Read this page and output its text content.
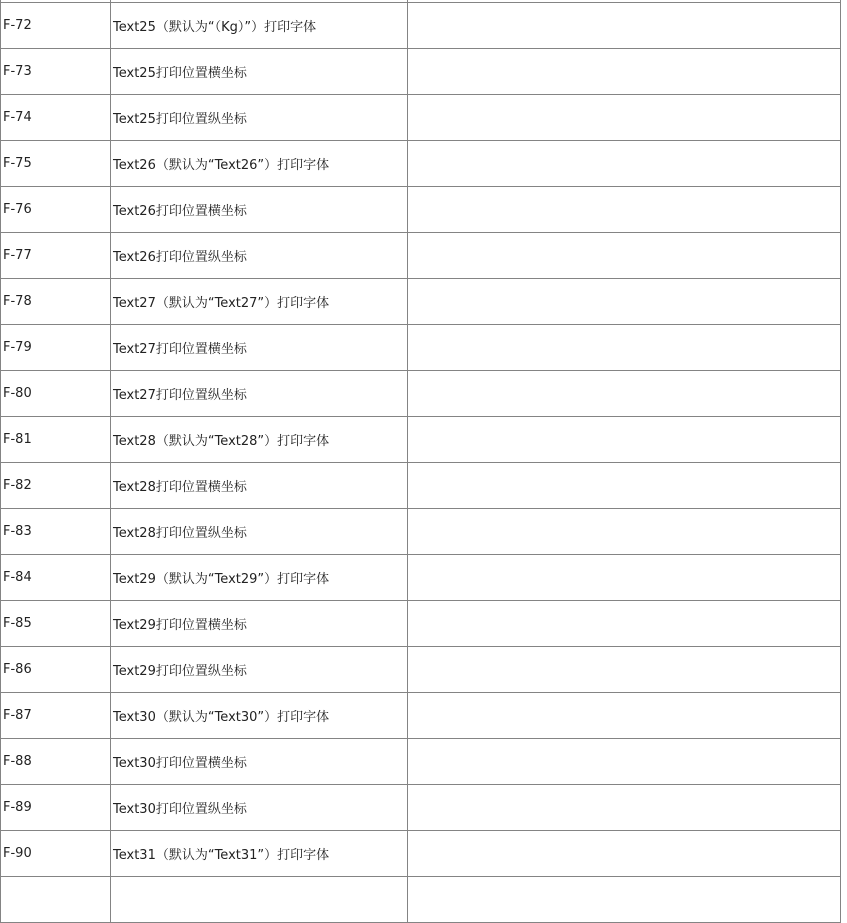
F-72	Text25（默认为“（Kg）”）打印字体	
F-73	Text25打印位置横坐标	
F-74	Text25打印位置纵坐标	
F-75	Text26（默认为“Text26”）打印字体	
F-76	Text26打印位置横坐标	
F-77	Text26打印位置纵坐标	
F-78	Text27（默认为“Text27”）打印字体	
F-79	Text27打印位置横坐标	
F-80	Text27打印位置纵坐标	
F-81	Text28（默认为“Text28”）打印字体	
F-82	Text28打印位置横坐标	
F-83	Text28打印位置纵坐标	
F-84	Text29（默认为“Text29”）打印字体	
F-85	Text29打印位置横坐标	
F-86	Text29打印位置纵坐标	
F-87	Text30（默认为“Text30”）打印字体	
F-88	Text30打印位置横坐标	
F-89	Text30打印位置纵坐标	
F-90	Text31（默认为“Text31”）打印字体	
